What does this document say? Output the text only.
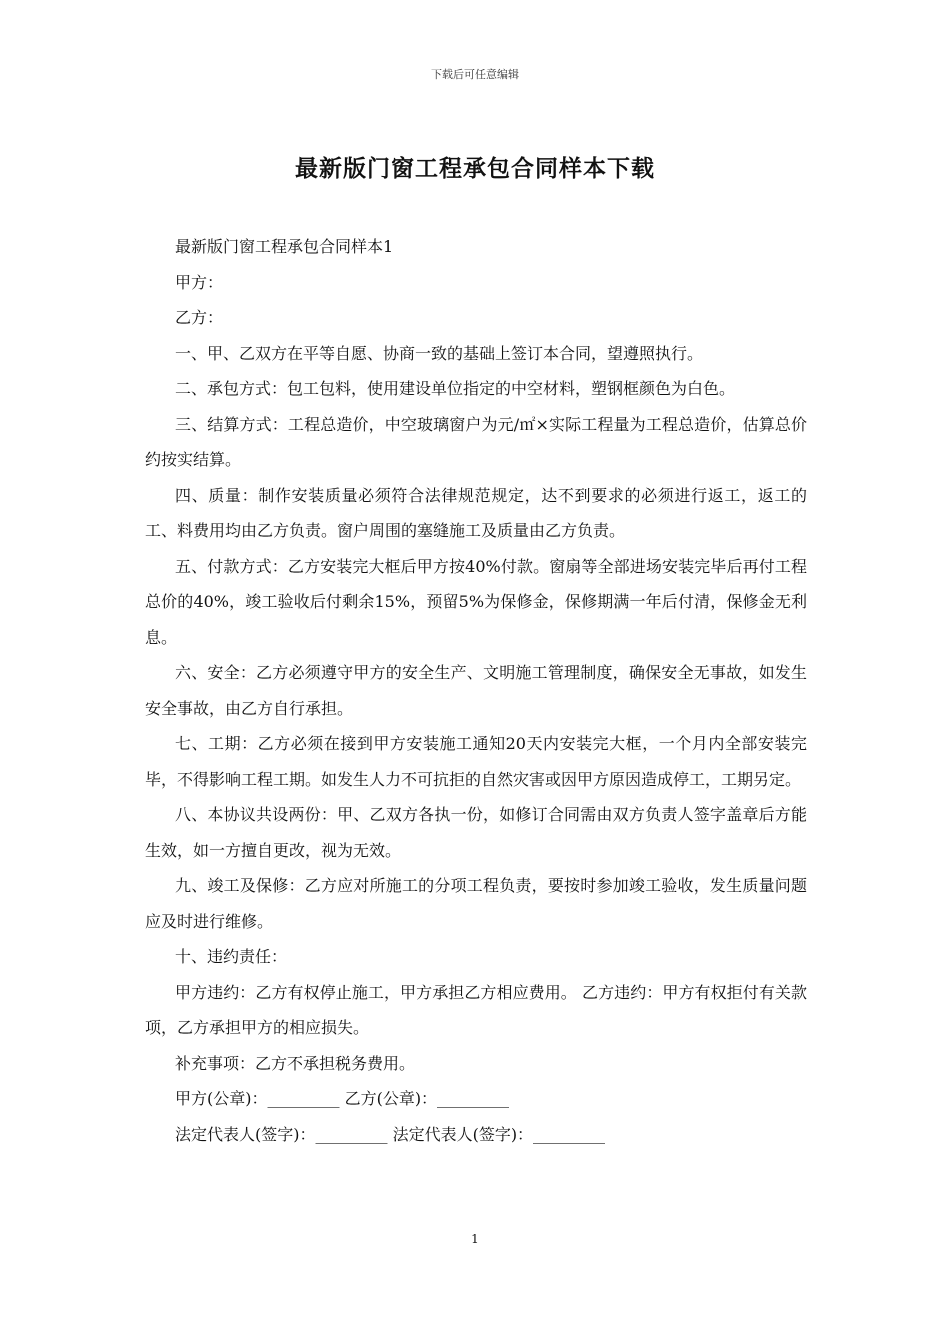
下载后可任意编辑
最新版门窗工程承包合同样本下载

最新版门窗工程承包合同样本1

甲方：

乙方：

一、甲、乙双方在平等自愿、协商一致的基础上签订本合同，望遵照执行。

二、承包方式：包工包料，使用建设单位指定的中空材料，塑钢框颜色为白色。

三、结算方式：工程总造价，中空玻璃窗户为元/㎡×实际工程量为工程总造价，估算总价约按实结算。

四、质量：制作安装质量必须符合法律规范规定，达不到要求的必须进行返工，返工的工、料费用均由乙方负责。窗户周围的塞缝施工及质量由乙方负责。

五、付款方式：乙方安装完大框后甲方按40%付款。窗扇等全部进场安装完毕后再付工程总价的40%，竣工验收后付剩余15%，预留5%为保修金，保修期满一年后付清，保修金无利息。

六、安全：乙方必须遵守甲方的安全生产、文明施工管理制度，确保安全无事故，如发生安全事故，由乙方自行承担。

七、工期：乙方必须在接到甲方安装施工通知20天内安装完大框，一个月内全部安装完毕，不得影响工程工期。如发生人力不可抗拒的自然灾害或因甲方原因造成停工，工期另定。

八、本协议共设两份：甲、乙双方各执一份，如修订合同需由双方负责人签字盖章后方能生效，如一方擅自更改，视为无效。

九、竣工及保修：乙方应对所施工的分项工程负责，要按时参加竣工验收，发生质量问题应及时进行维修。

十、违约责任：

甲方违约：乙方有权停止施工，甲方承担乙方相应费用。 乙方违约：甲方有权拒付有关款项，乙方承担甲方的相应损失。

补充事项：乙方不承担税务费用。

甲方(公章)：_________ 乙方(公章)：_________

法定代表人(签字)：_________ 法定代表人(签字)：_________

1
